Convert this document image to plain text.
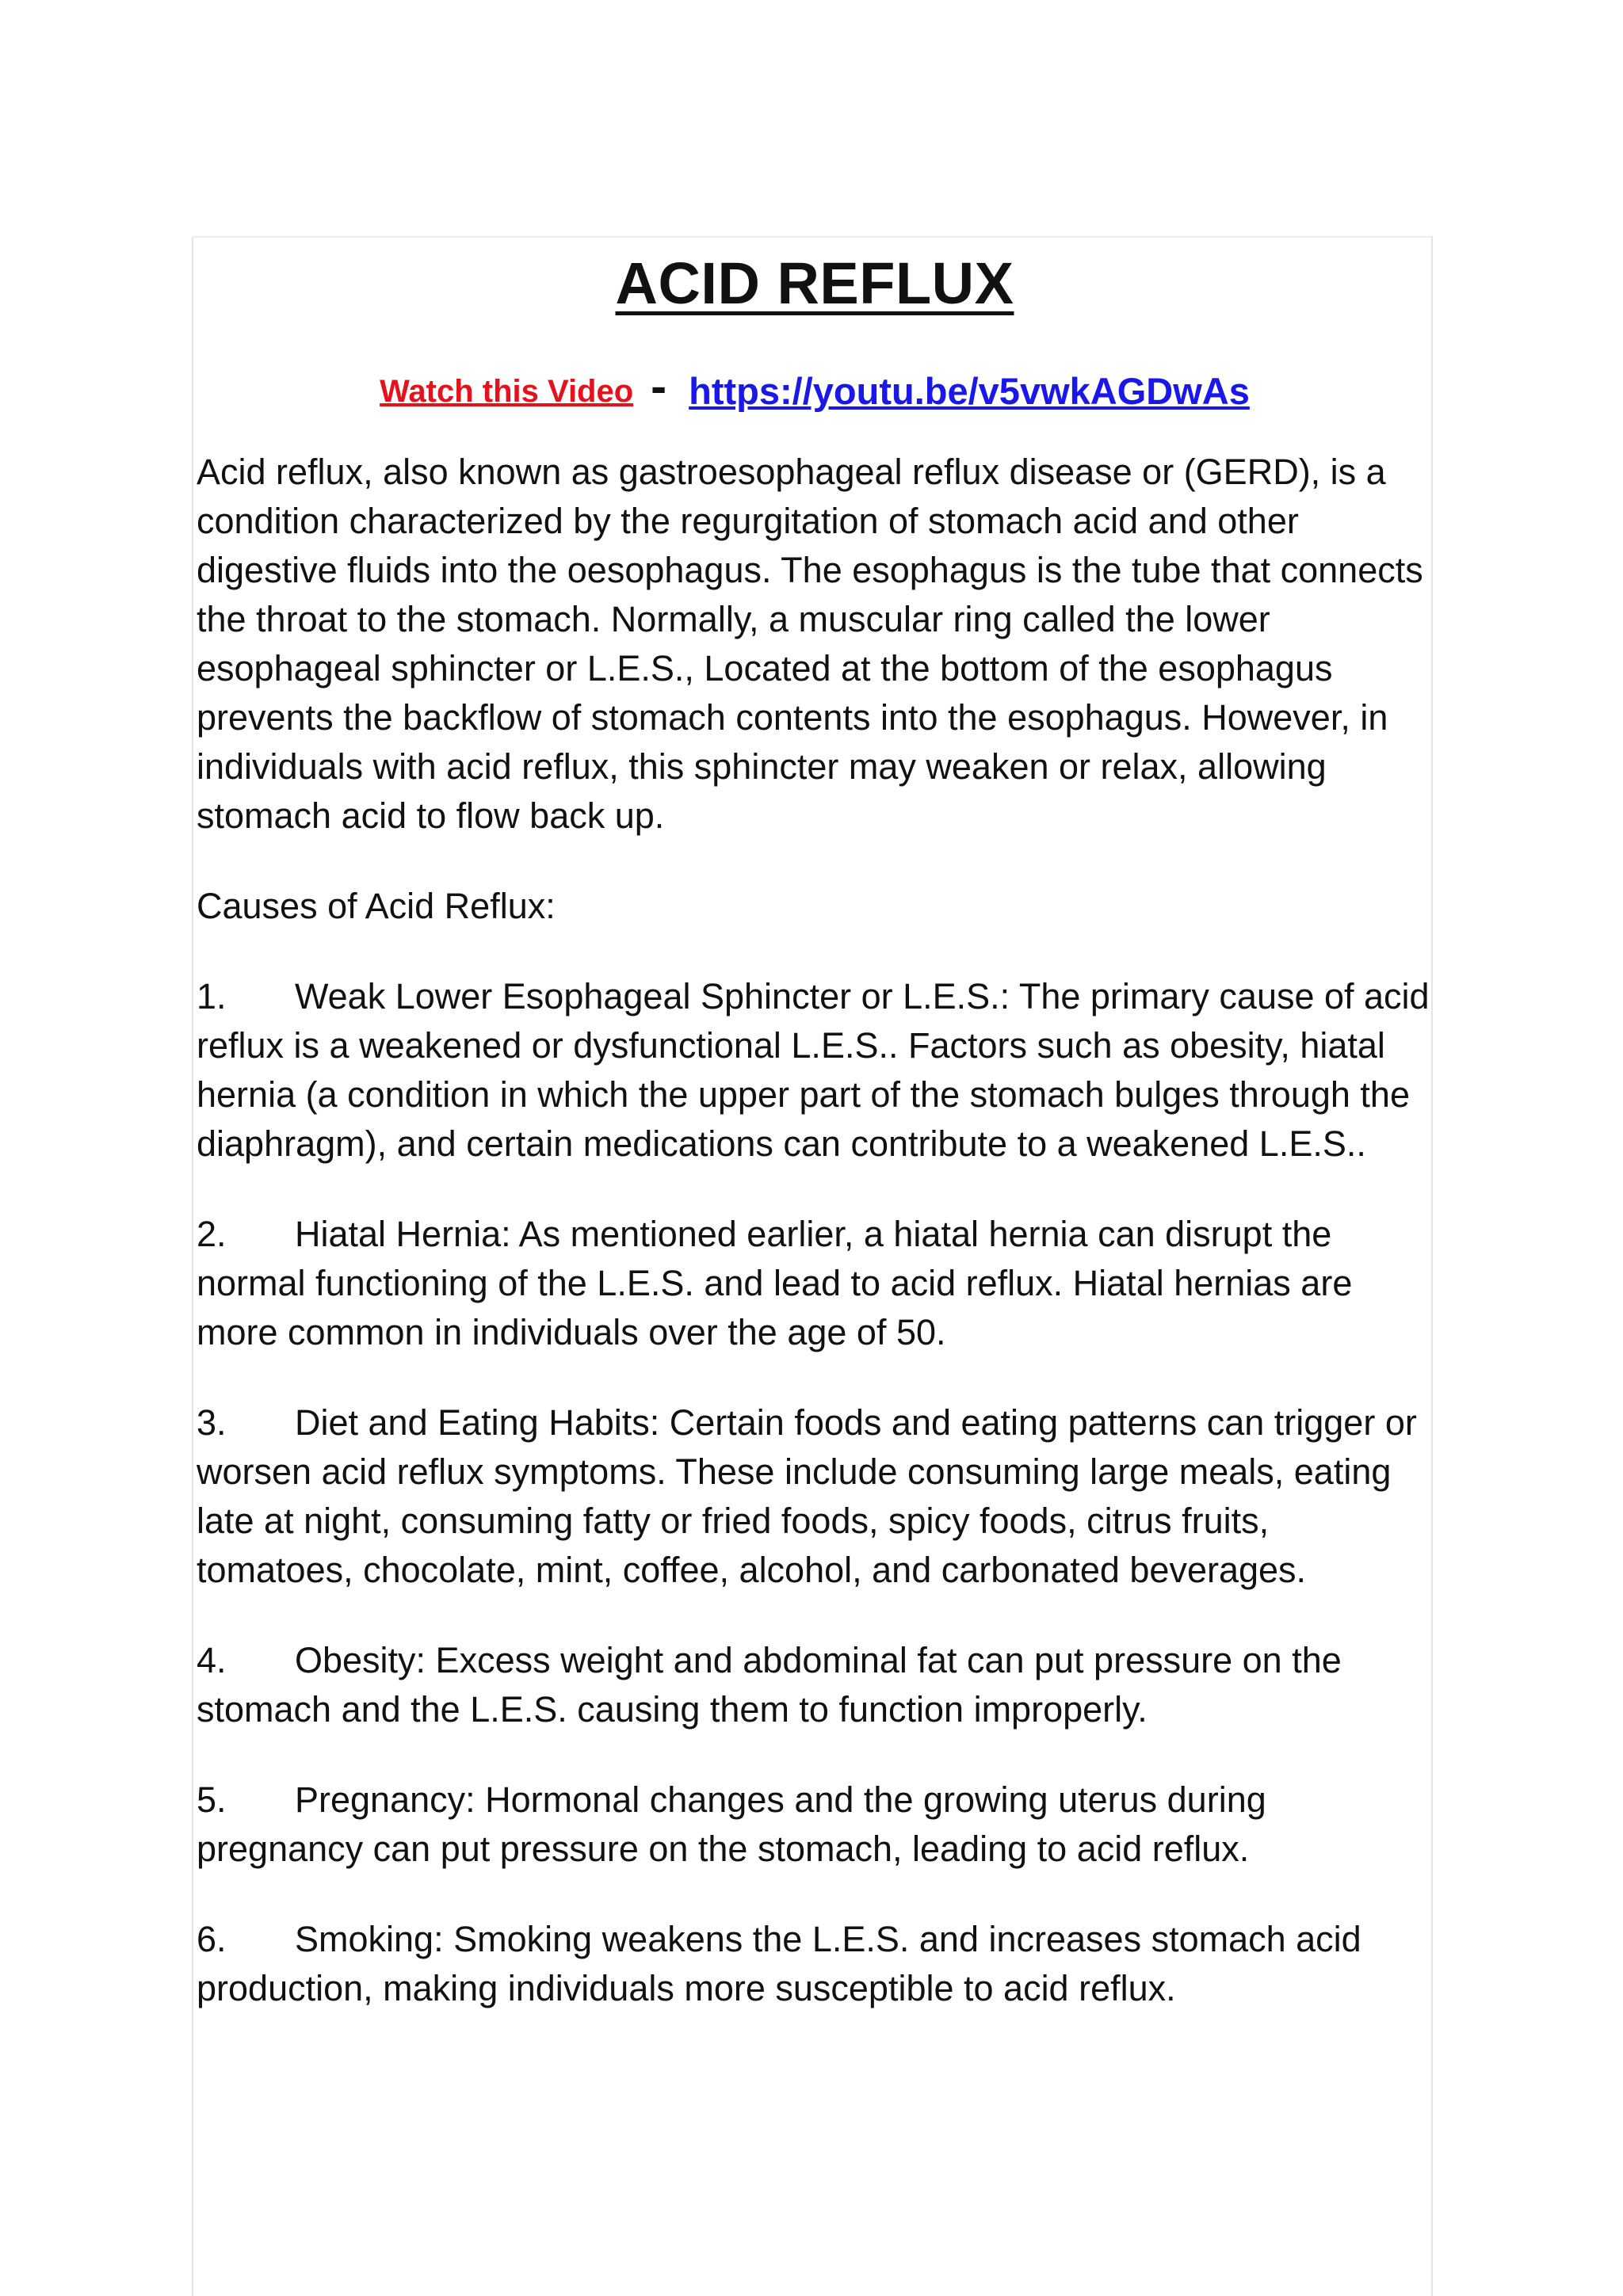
ACID REFLUX
Watch this Video - https://youtu.be/v5vwkAGDwAs

Acid reflux, also known as gastroesophageal reflux disease or (GERD), is a condition characterized by the regurgitation of stomach acid and other digestive fluids into the oesophagus. The esophagus is the tube that connects the throat to the stomach. Normally, a muscular ring called the lower esophageal sphincter or L.E.S., Located at the bottom of the esophagus prevents the backflow of stomach contents into the esophagus. However, in individuals with acid reflux, this sphincter may weaken or relax, allowing stomach acid to flow back up.

Causes of Acid Reflux:

1. Weak Lower Esophageal Sphincter or L.E.S.: The primary cause of acid reflux is a weakened or dysfunctional L.E.S.. Factors such as obesity, hiatal hernia (a condition in which the upper part of the stomach bulges through the diaphragm), and certain medications can contribute to a weakened L.E.S..

2. Hiatal Hernia: As mentioned earlier, a hiatal hernia can disrupt the normal functioning of the L.E.S. and lead to acid reflux. Hiatal hernias are more common in individuals over the age of 50.

3. Diet and Eating Habits: Certain foods and eating patterns can trigger or worsen acid reflux symptoms. These include consuming large meals, eating late at night, consuming fatty or fried foods, spicy foods, citrus fruits, tomatoes, chocolate, mint, coffee, alcohol, and carbonated beverages.

4. Obesity: Excess weight and abdominal fat can put pressure on the stomach and the L.E.S. causing them to function improperly.

5. Pregnancy: Hormonal changes and the growing uterus during pregnancy can put pressure on the stomach, leading to acid reflux.

6. Smoking: Smoking weakens the L.E.S. and increases stomach acid production, making individuals more susceptible to acid reflux.
